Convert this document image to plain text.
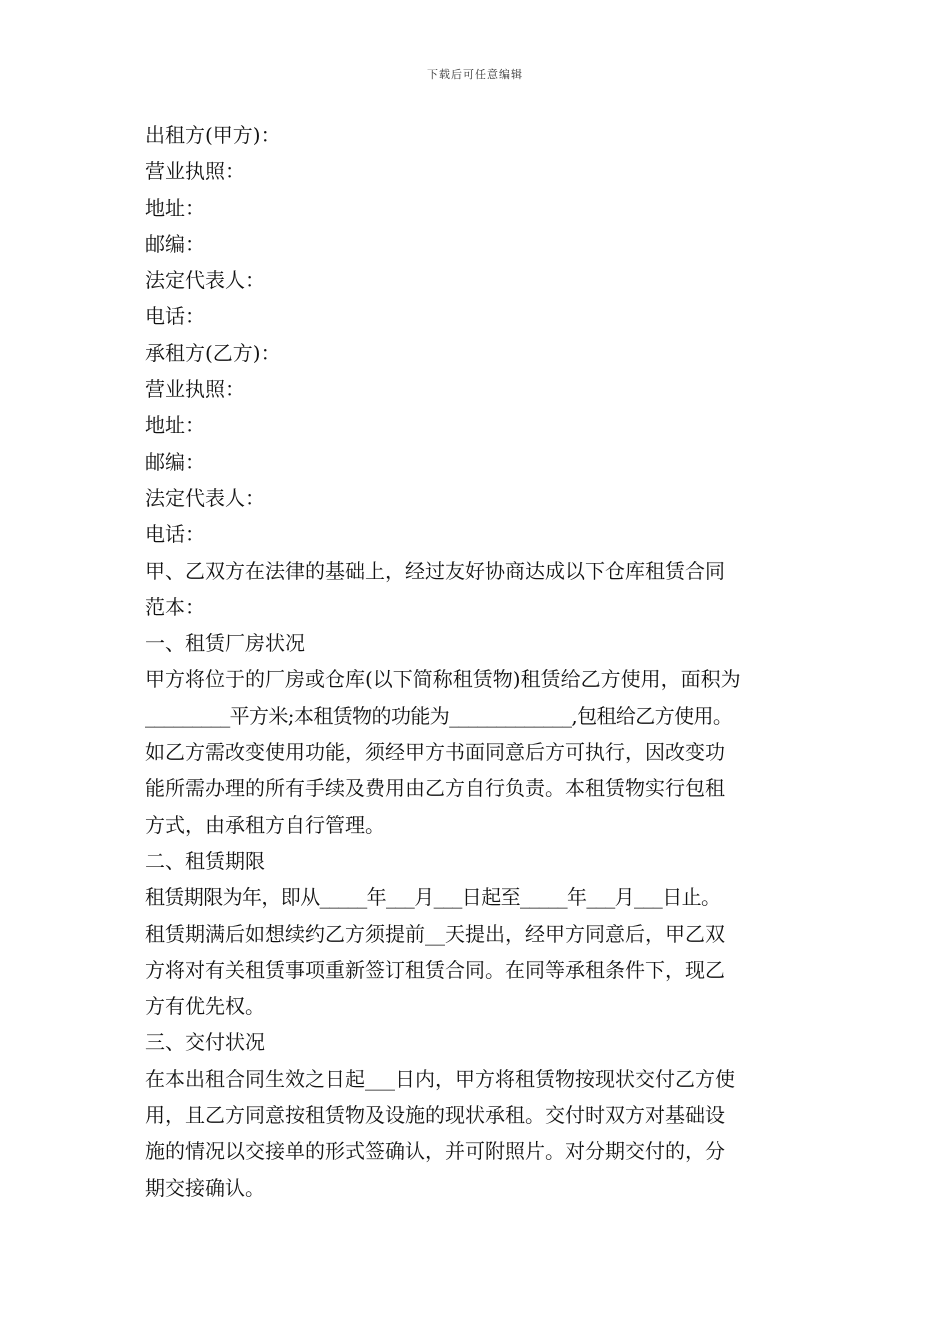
下载后可任意编辑
出租方(甲方)：
营业执照：
地址：
邮编：
法定代表人：
电话：
承租方(乙方)：
营业执照：
地址：
邮编：
法定代表人：
电话：
甲、乙双方在法律的基础上，经过友好协商达成以下仓库租赁合同
范本：
一、租赁厂房状况
甲方将位于的厂房或仓库(以下简称租赁物)租赁给乙方使用，面积为
_________平方米;本租赁物的功能为_____________,包租给乙方使用。
如乙方需改变使用功能，须经甲方书面同意后方可执行，因改变功
能所需办理的所有手续及费用由乙方自行负责。本租赁物实行包租
方式，由承租方自行管理。
二、租赁期限
租赁期限为年，即从_____年___月___日起至_____年___月___日止。
租赁期满后如想续约乙方须提前__天提出，经甲方同意后，甲乙双
方将对有关租赁事项重新签订租赁合同。在同等承租条件下，现乙
方有优先权。
三、交付状况
在本出租合同生效之日起___日内，甲方将租赁物按现状交付乙方使
用，且乙方同意按租赁物及设施的现状承租。交付时双方对基础设
施的情况以交接单的形式签确认，并可附照片。对分期交付的，分
期交接确认。
